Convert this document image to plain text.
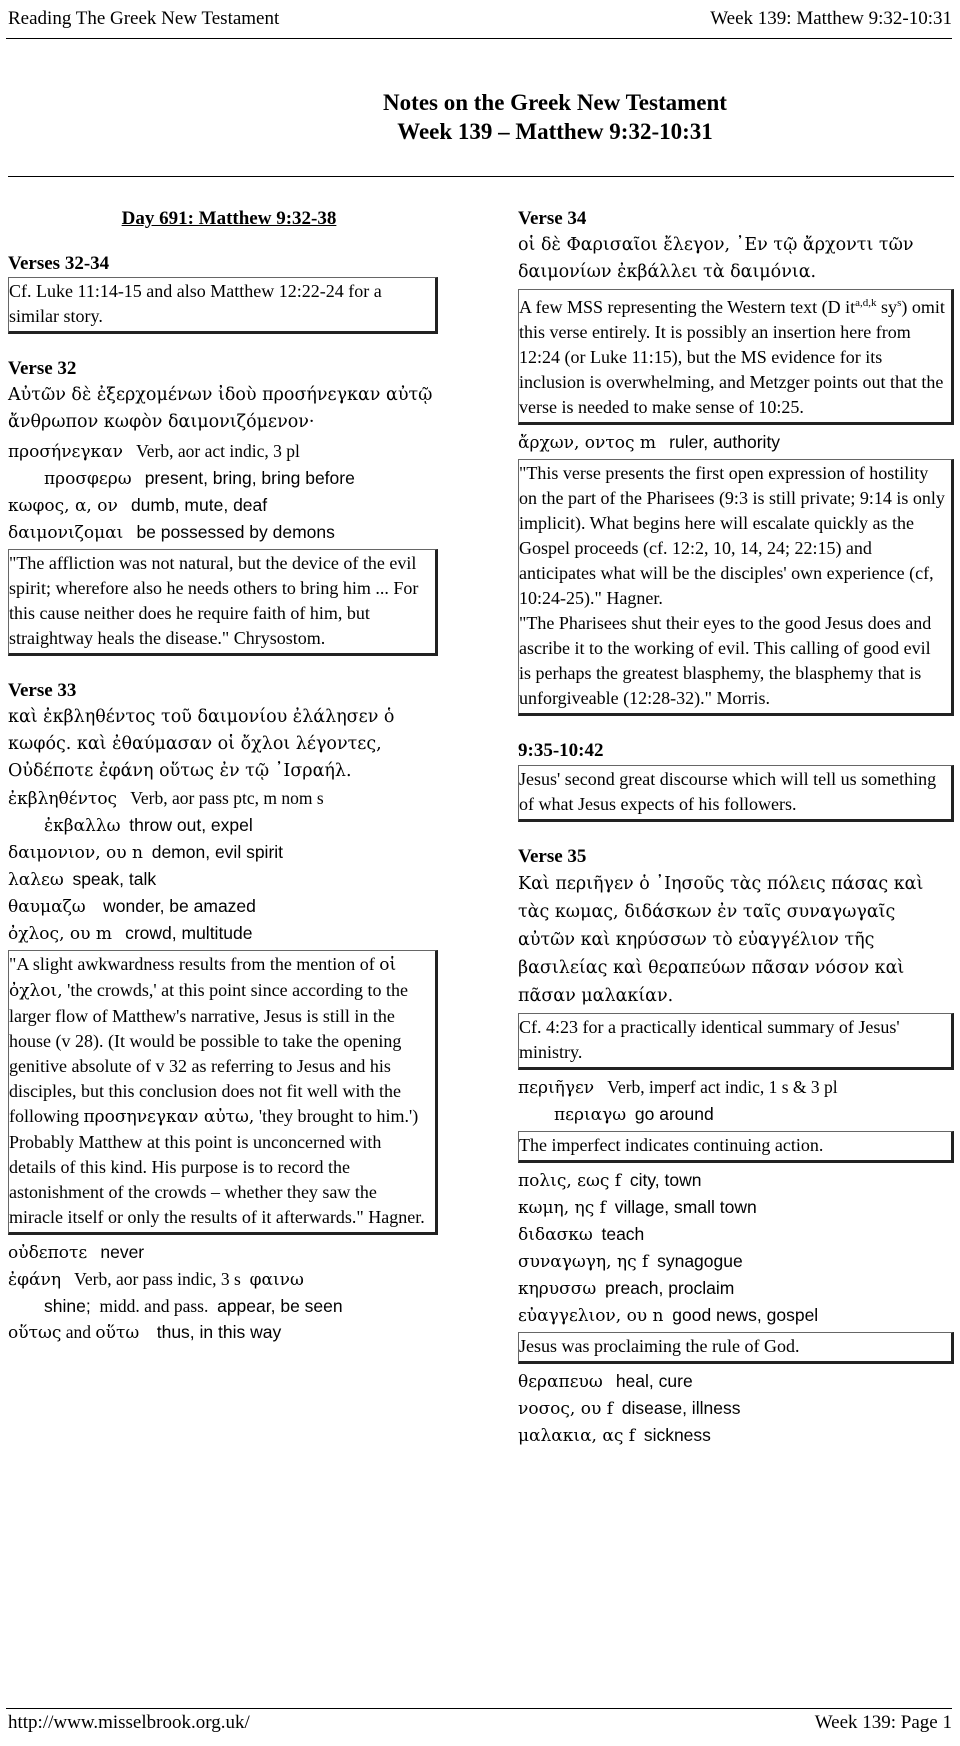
Reading The Greek New Testament	Week 139: Matthew 9:32-10:31
Notes on the Greek New Testament
Week 139 – Matthew 9:32-10:31
Day 691: Matthew 9:32-38
Verses 32-34
Cf. Luke 11:14-15 and also Matthew 12:22-24 for a similar story.
Verse 32
Αὐτῶν δὲ ἐξερχομένων ἰδοὺ προσήνεγκαν αὐτῷ ἄνθρωπον κωφὸν δαιμονιζόμενον·
προσήνεγκαν Verb, aor act indic, 3 pl
προσφερω present, bring, bring before
κωφος, α, ον dumb, mute, deaf
δαιμονιζομαι be possessed by demons
"The affliction was not natural, but the device of the evil spirit; wherefore also he needs others to bring him ... For this cause neither does he require faith of him, but straightway heals the disease." Chrysostom.
Verse 33
καὶ ἐκβληθέντος τοῦ δαιμονίου ἐλάλησεν ὁ κωφός. καὶ ἐθαύμασαν οἱ ὄχλοι λέγοντες, Οὐδέποτε ἐφάνη οὕτως ἐν τῷ ᾿Ισραήλ.
ἐκβληθέντος Verb, aor pass ptc, m nom s
ἐκβαλλω throw out, expel
δαιμονιον, ου n demon, evil spirit
λαλεω speak, talk
θαυμαζω wonder, be amazed
ὀχλος, ου m crowd, multitude
"A slight awkwardness results from the mention of οἱ ὀχλοι, 'the crowds,' at this point since according to the larger flow of Matthew's narrative, Jesus is still in the house (v 28). (It would be possible to take the opening genitive absolute of v 32 as referring to Jesus and his disciples, but this conclusion does not fit well with the following προσηνεγκαν αὐτω, 'they brought to him.') Probably Matthew at this point is unconcerned with details of this kind. His purpose is to record the astonishment of the crowds – whether they saw the miracle itself or only the results of it afterwards." Hagner.
οὐδεποτε never
ἐφάνη Verb, aor pass indic, 3 s φαινω
shine; midd. and pass. appear, be seen
οὕτως and οὕτω thus, in this way
Verse 34
οἱ δὲ Φαρισαῖοι ἔλεγον, ᾿Εν τῷ ἄρχοντι τῶν δαιμονίων ἐκβάλλει τὰ δαιμόνια.
A few MSS representing the Western text (D it$^{a,d,k}$ $sy^s$) omit this verse entirely. It is possibly an insertion here from 12:24 (or Luke 11:15), but the MS evidence for its inclusion is overwhelming, and Metzger points out that the verse is needed to make sense of 10:25.
ἄρχων, οντος m ruler, authority
"This verse presents the first open expression of hostility on the part of the Pharisees (9:3 is still private; 9:14 is only implicit). What begins here will escalate quickly as the Gospel proceeds (cf. 12:2, 10, 14, 24; 22:15) and anticipates what will be the disciples' own experience (cf, 10:24-25)." Hagner.
"The Pharisees shut their eyes to the good Jesus does and ascribe it to the working of evil. This calling of good evil is perhaps the greatest blasphemy, the blasphemy that is unforgiveable (12:28-32)." Morris.
9:35-10:42
Jesus' second great discourse which will tell us something of what Jesus expects of his followers.
Verse 35
Καὶ περιῆγεν ὁ ᾿Ιησοῦς τὰς πόλεις πάσας καὶ τὰς κωμας, διδάσκων ἐν ταῖς συναγωγαῖς αὐτῶν καὶ κηρύσσων τὸ εὐαγγέλιον τῆς βασιλείας καὶ θεραπεύων πᾶσαν νόσον καὶ πᾶσαν μαλακίαν.
Cf. 4:23 for a practically identical summary of Jesus' ministry.
περιῆγεν Verb, imperf act indic, 1 s & 3 pl
περιαγω go around
The imperfect indicates continuing action.
πολις, εως f city, town
κωμη, ης f village, small town
διδασκω teach
συναγωγη, ης f synagogue
κηρυσσω preach, proclaim
εὐαγγελιον, ου n good news, gospel
Jesus was proclaiming the rule of God.
θεραπευω heal, cure
νοσος, ου f disease, illness
μαλακια, ας f sickness
http://www.misselbrook.org.uk/	Week 139: Page 1
